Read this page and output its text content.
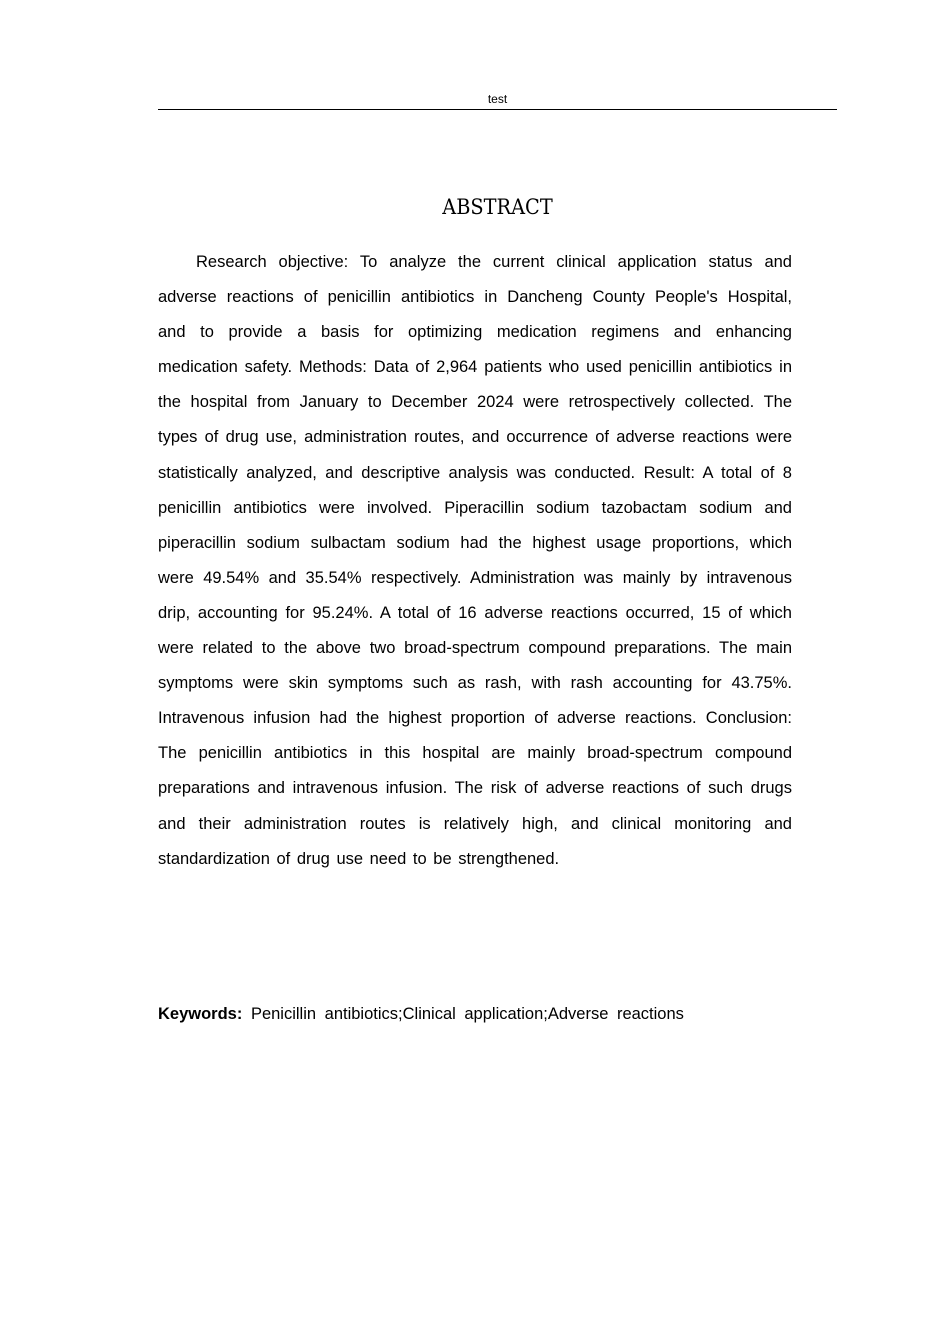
test
ABSTRACT

Research objective: To analyze the current clinical application status and adverse reactions of penicillin antibiotics in Dancheng County People's Hospital, and to provide a basis for optimizing medication regimens and enhancing medication safety. Methods: Data of 2,964 patients who used penicillin antibiotics in the hospital from January to December 2024 were retrospectively collected. The types of drug use, administration routes, and occurrence of adverse reactions were statistically analyzed, and descriptive analysis was conducted. Result: A total of 8 penicillin antibiotics were involved. Piperacillin sodium tazobactam sodium and piperacillin sodium sulbactam sodium had the highest usage proportions, which were 49.54% and 35.54% respectively. Administration was mainly by intravenous drip, accounting for 95.24%. A total of 16 adverse reactions occurred, 15 of which were related to the above two broad-spectrum compound preparations. The main symptoms were skin symptoms such as rash, with rash accounting for 43.75%. Intravenous infusion had the highest proportion of adverse reactions. Conclusion: The penicillin antibiotics in this hospital are mainly broad-spectrum compound preparations and intravenous infusion. The risk of adverse reactions of such drugs and their administration routes is relatively high, and clinical monitoring and standardization of drug use need to be strengthened.

Keywords: Penicillin antibiotics;Clinical application;Adverse reactions
